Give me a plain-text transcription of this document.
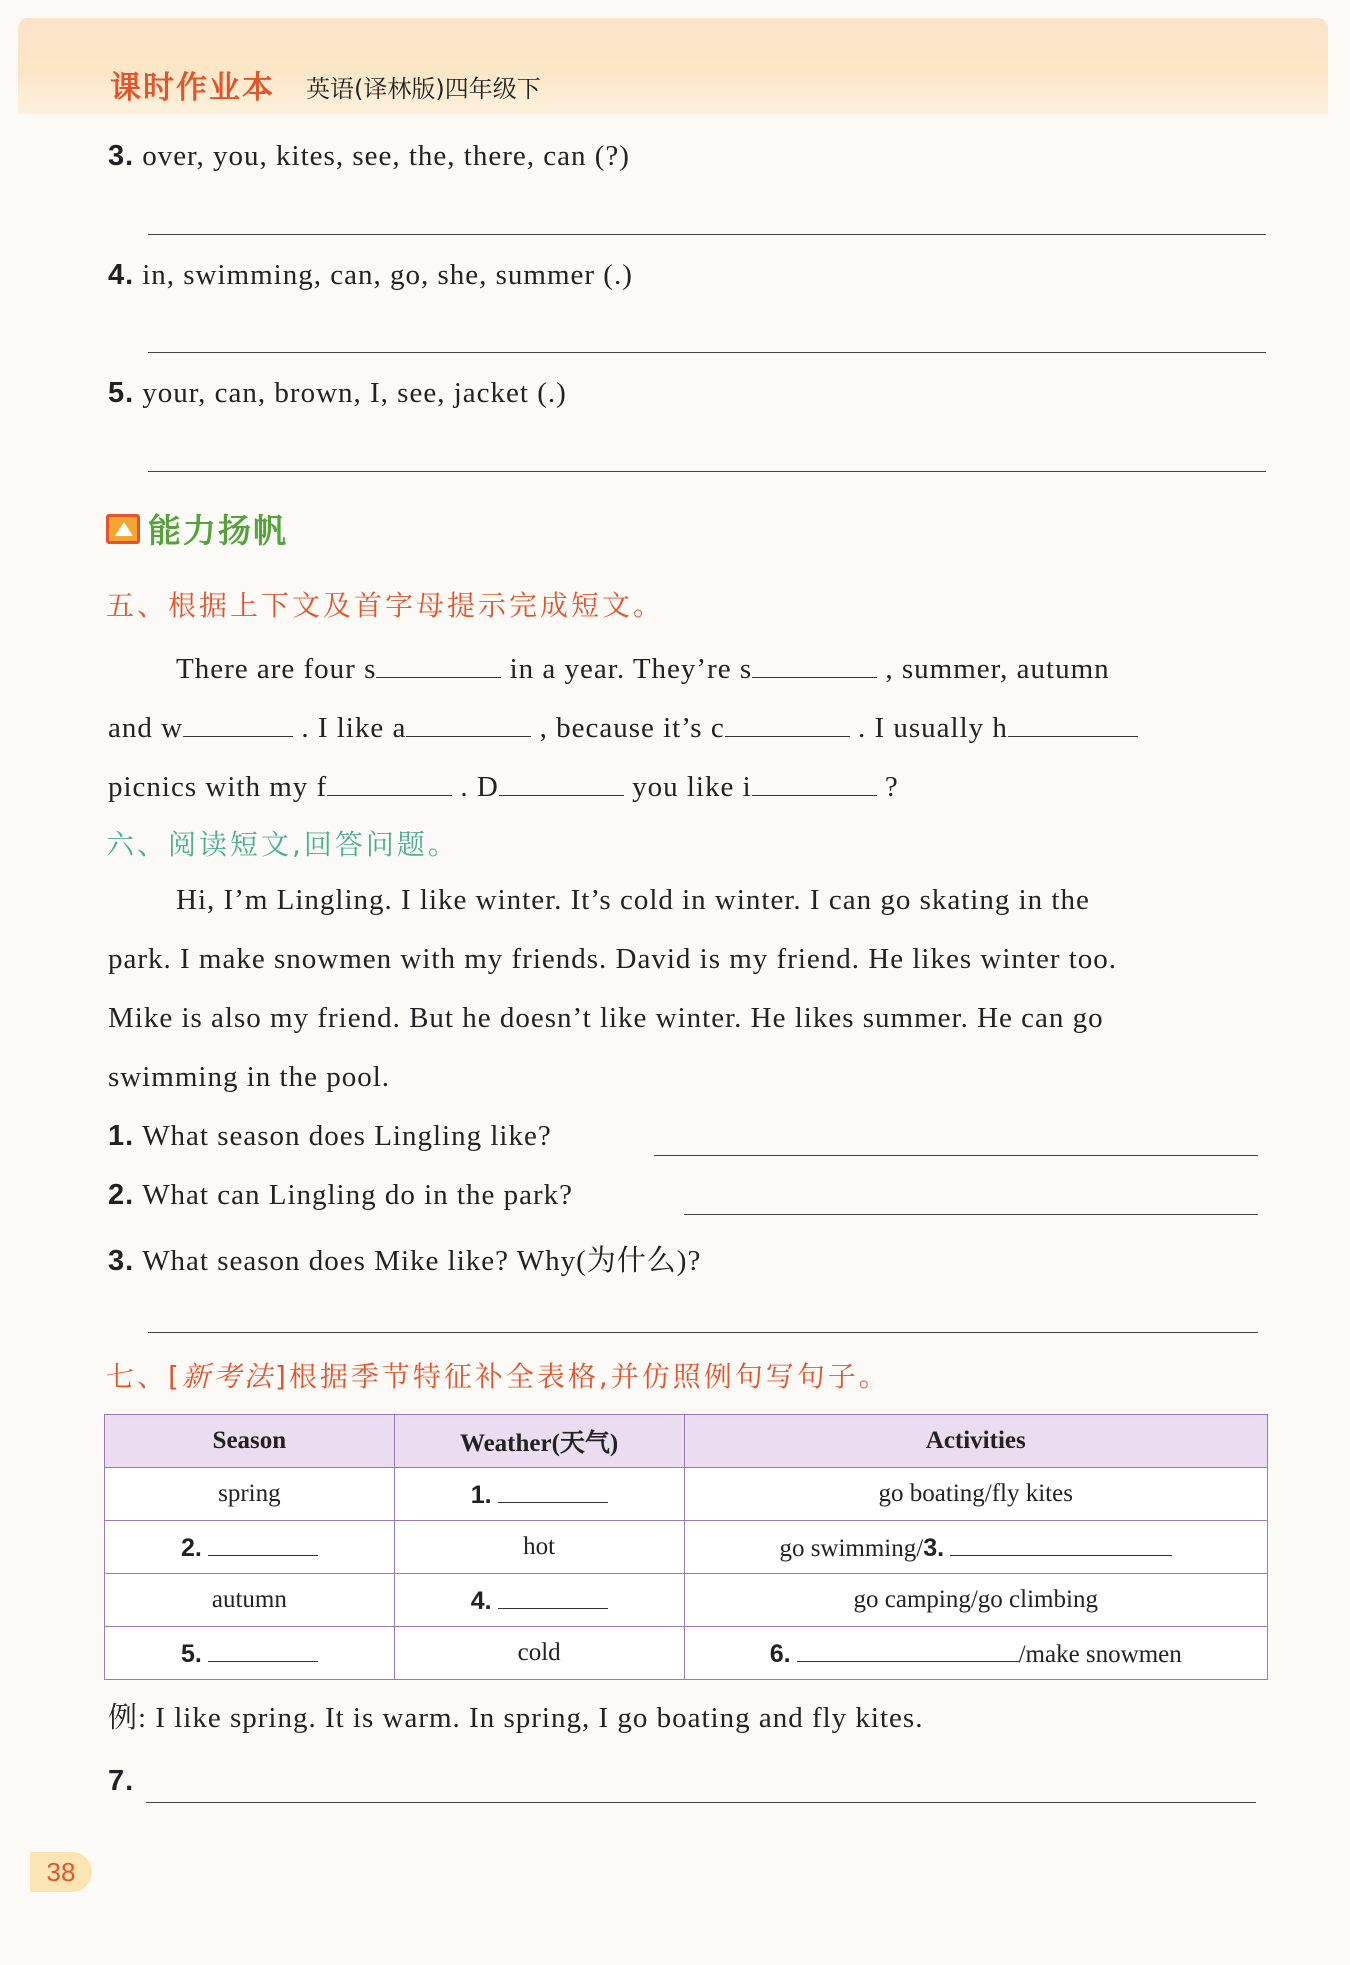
课时作业本 英语(译林版)四年级下
3. over, you, kites, see, the, there, can (?)
4. in, swimming, can, go, she, summer (.)
5. your, can, brown, I, see, jacket (.)
能力扬帆
五、根据上下文及首字母提示完成短文。
There are four s	in a year. They’re s	, summer, autumn
and w	. I like a	, because it’s c	. I usually h
picnics with my f	. D	you like i	?
六、阅读短文,回答问题。
Hi, I’m Lingling. I like winter. It’s cold in winter. I can go skating in the
park. I make snowmen with my friends. David is my friend. He likes winter too.
Mike is also my friend. But he doesn’t like winter. He likes summer. He can go
swimming in the pool.
1. What season does Lingling like?
2. What can Lingling do in the park?
3. What season does Mike like? Why(为什么)?
七、[新考法]根据季节特征补全表格,并仿照例句写句子。
Season	Weather(天气)	Activities
spring	1.	go boating/fly kites
2.	hot	go swimming/3.
autumn	4.	go camping/go climbing
5.	cold	6. /make snowmen
例: I like spring. It is warm. In spring, I go boating and fly kites.
7.
38
